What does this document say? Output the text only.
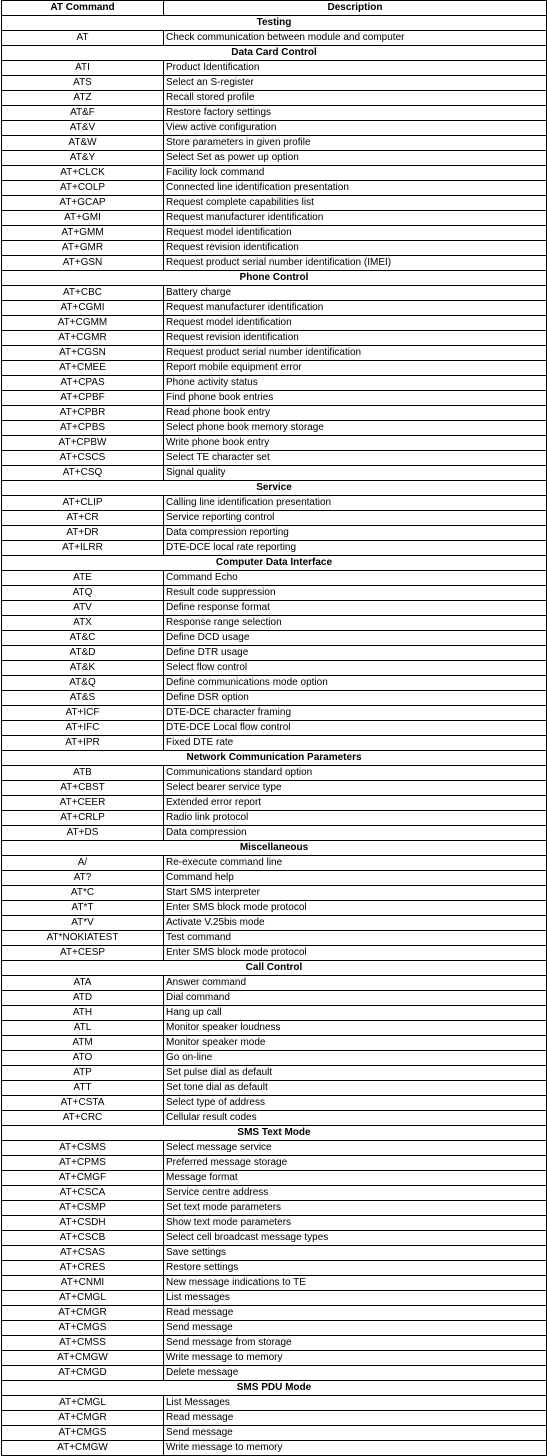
AT Command	Description
Testing	
AT	Check communication between module and computer
Data Card Control	
ATI	Product Identification
ATS	Select an S-register
ATZ	Recall stored profile
AT&F	Restore factory settings
AT&V	View active configuration
AT&W	Store parameters in given profile
AT&Y	Select Set as power up option
AT+CLCK	Facility lock command
AT+COLP	Connected line identification presentation
AT+GCAP	Request complete capabilities list
AT+GMI	Request manufacturer identification
AT+GMM	Request model identification
AT+GMR	Request revision identification
AT+GSN	Request product serial number identification (IMEI)
Phone Control	
AT+CBC	Battery charge
AT+CGMI	Request manufacturer identification
AT+CGMM	Request model identification
AT+CGMR	Request revision identification
AT+CGSN	Request product serial number identification
AT+CMEE	Report mobile equipment error
AT+CPAS	Phone activity status
AT+CPBF	Find phone book entries
AT+CPBR	Read phone book entry
AT+CPBS	Select phone book memory storage
AT+CPBW	Write phone book entry
AT+CSCS	Select TE character set
AT+CSQ	Signal quality
Service	
AT+CLIP	Calling line identification presentation
AT+CR	Service reporting control
AT+DR	Data compression reporting
AT+ILRR	DTE-DCE local rate reporting
Computer Data Interface	
ATE	Command Echo
ATQ	Result code suppression
ATV	Define response format
ATX	Response range selection
AT&C	Define DCD usage
AT&D	Define DTR usage
AT&K	Select flow control
AT&Q	Define communications mode option
AT&S	Define DSR option
AT+ICF	DTE-DCE character framing
AT+IFC	DTE-DCE Local flow control
AT+IPR	Fixed DTE rate
Network Communication Parameters	
ATB	Communications standard option
AT+CBST	Select bearer service type
AT+CEER	Extended error report
AT+CRLP	Radio link protocol
AT+DS	Data compression
Miscellaneous	
A/	Re-execute command line
AT?	Command help
AT*C	Start SMS interpreter
AT*T	Enter SMS block mode protocol
AT*V	Activate V.25bis mode
AT*NOKIATEST	Test command
AT+CESP	Enter SMS block mode protocol
Call Control	
ATA	Answer command
ATD	Dial command
ATH	Hang up call
ATL	Monitor speaker loudness
ATM	Monitor speaker mode
ATO	Go on-line
ATP	Set pulse dial as default
ATT	Set tone dial as default
AT+CSTA	Select type of address
AT+CRC	Cellular result codes
SMS Text Mode	
AT+CSMS	Select message service
AT+CPMS	Preferred message storage
AT+CMGF	Message format
AT+CSCA	Service centre address
AT+CSMP	Set text mode parameters
AT+CSDH	Show text mode parameters
AT+CSCB	Select cell broadcast message types
AT+CSAS	Save settings
AT+CRES	Restore settings
AT+CNMI	New message indications to TE
AT+CMGL	List messages
AT+CMGR	Read message
AT+CMGS	Send message
AT+CMSS	Send message from storage
AT+CMGW	Write message to memory
AT+CMGD	Delete message
SMS PDU Mode	
AT+CMGL	List Messages
AT+CMGR	Read message
AT+CMGS	Send message
AT+CMGW	Write message to memory
